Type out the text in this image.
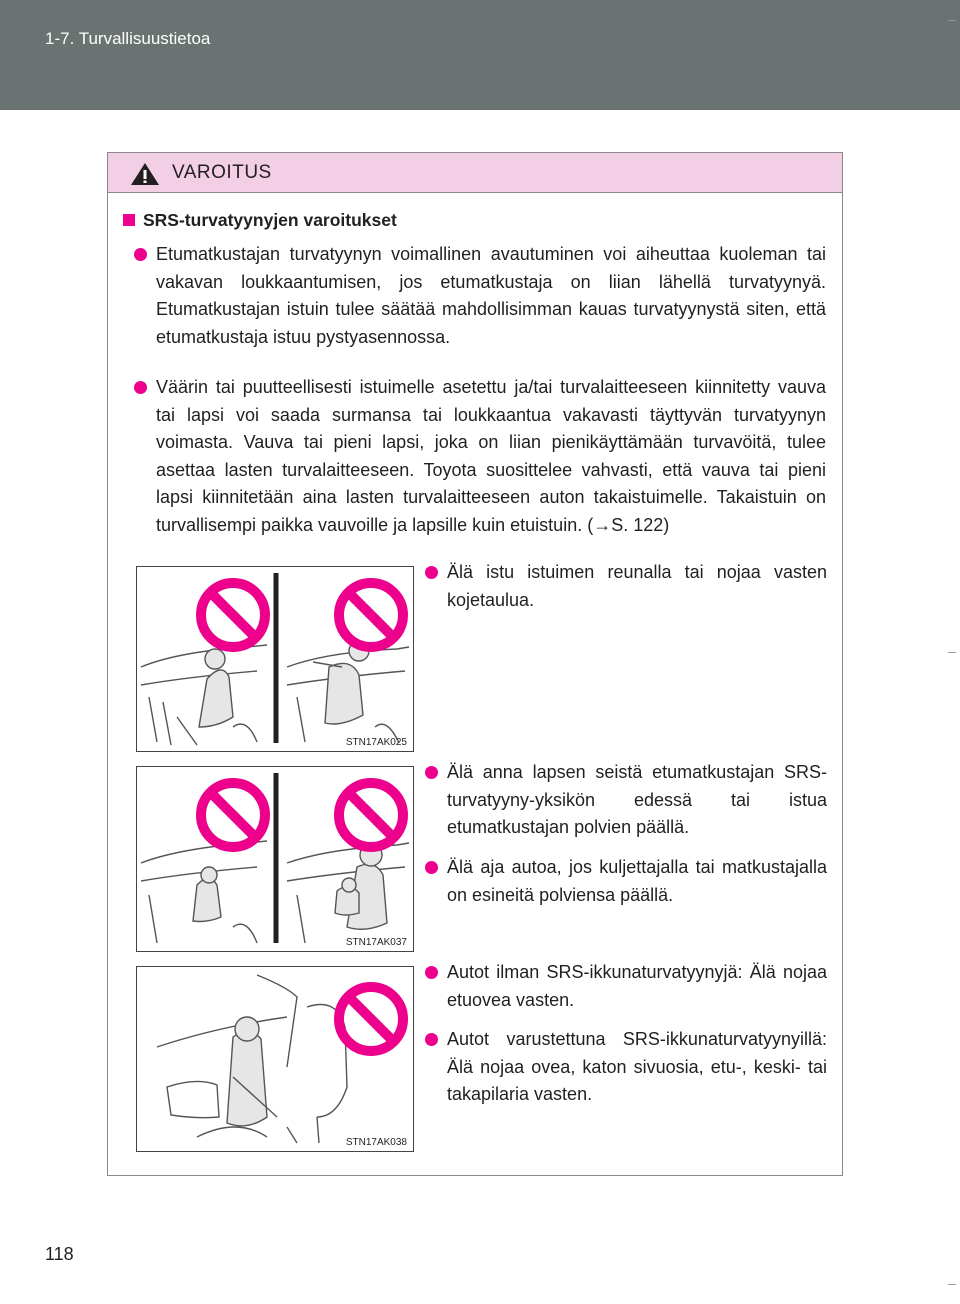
1-7. Turvallisuustietoa
VAROITUS
SRS-turvatyynyjen varoitukset
Etumatkustajan turvatyynyn voimallinen avautuminen voi aiheuttaa kuoleman tai vakavan loukkaantumisen, jos etumatkustaja on liian lähellä turvatyynyä. Etumatkustajan istuin tulee säätää mahdollisimman kauas turvatyynystä siten, että etumatkustaja istuu pystyasennossa.
Väärin tai puutteellisesti istuimelle asetettu ja/tai turvalaitteeseen kiinnitetty vauva tai lapsi voi saada surmansa tai loukkaantua vakavasti täyttyvän turvatyynyn voimasta. Vauva tai pieni lapsi, joka on liian pienikäyttämään turvavöitä, tulee asettaa lasten turvalaitteeseen. Toyota suosittelee vahvasti, että vauva tai pieni lapsi kiinnitetään aina lasten turvalaitteeseen auton takaistuimelle. Takaistuin on turvallisempi paikka vauvoille ja lapsille kuin etuistuin. (→S. 122)
STN17AK025
Älä istu istuimen reunalla tai nojaa vasten kojetaulua.
STN17AK037
Älä anna lapsen seistä etumatkustajan SRS-turvatyyny-yksikön edessä tai istua etumatkustajan polvien päällä.
Älä aja autoa, jos kuljettajalla tai matkustajalla on esineitä polviensa päällä.
STN17AK038
Autot ilman SRS-ikkunaturvatyynyjä: Älä nojaa etuovea vasten.
Autot varustettuna SRS-ikkunaturvatyynyillä: Älä nojaa ovea, katon sivuosia, etu-, keski- tai takapilaria vasten.
118
